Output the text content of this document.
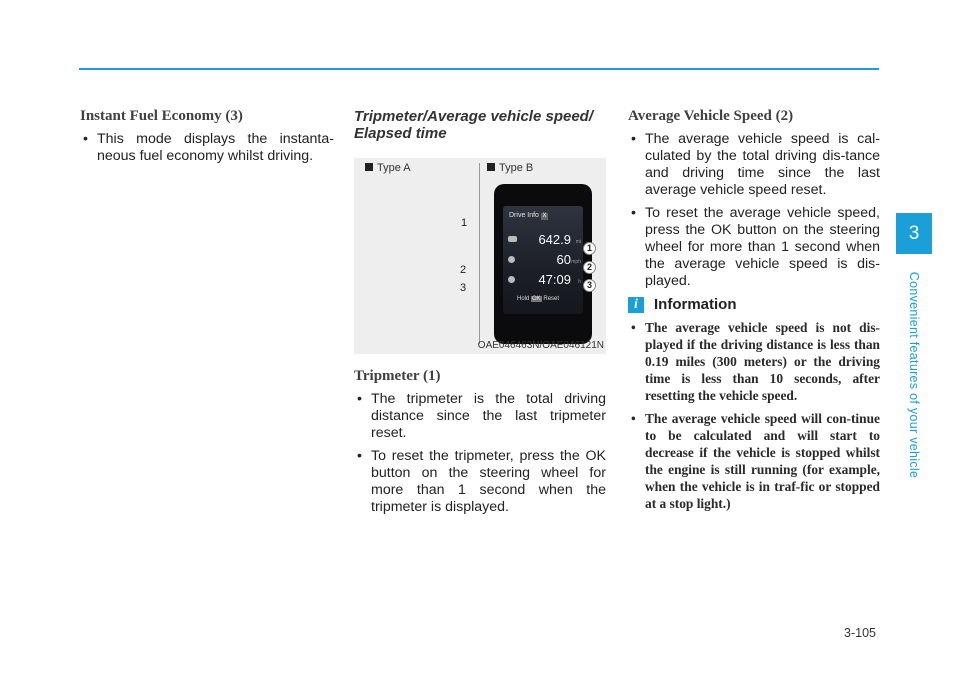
Instant Fuel Economy (3)
• This mode displays the instanta-neous fuel economy whilst driving.
Tripmeter/Average vehicle speed/ Elapsed time
Type A	Type B
1
2
3
Drive Info X
642.9 mi
60 mph
47:09 h
Hold OK Reset
1
2
3
OAE046463N/OAE046121N
Tripmeter (1)
• The tripmeter is the total driving distance since the last tripmeter reset.
• To reset the tripmeter, press the OK button on the steering wheel for more than 1 second when the tripmeter is displayed.
Average Vehicle Speed (2)
• The average vehicle speed is cal-culated by the total driving dis-tance and driving time since the last average vehicle speed reset.
• To reset the average vehicle speed, press the OK button on the steering wheel for more than 1 second when the average vehicle speed is dis-played.
i	Information
• The average vehicle speed is not dis-played if the driving distance is less than 0.19 miles (300 meters) or the driving time is less than 10 seconds, after resetting the vehicle speed.
• The average vehicle speed will con-tinue to be calculated and will start to decrease if the vehicle is stopped whilst the engine is still running (for example, when the vehicle is in traf-fic or stopped at a stop light.)
3
Convenient features of your vehicle
3-105
